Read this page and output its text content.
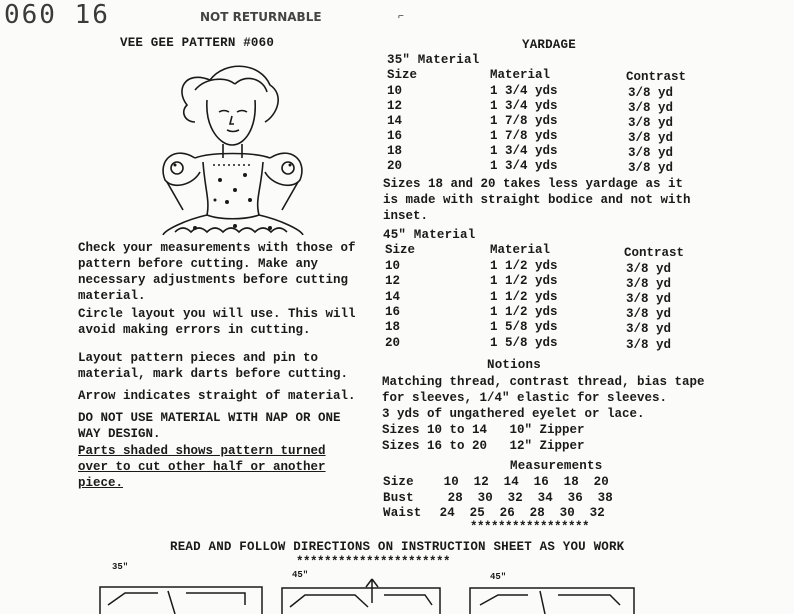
060 16	NOT RETURNABLE	⌐
VEE GEE PATTERN #060	YARDAGE
35" Material
Size	Material	Contrast
10	1 3/4 yds	3/8 yd
12	1 3/4 yds	3/8 yd
14	1 7/8 yds	3/8 yd
16	1 7/8 yds	3/8 yd
18	1 3/4 yds	3/8 yd
20	1 3/4 yds	3/8 yd
Sizes 18 and 20 takes less yardage as it
is made with straight bodice and not with
inset.
45" Material
Size	Material	Contrast
10	1 1/2 yds	3/8 yd
12	1 1/2 yds	3/8 yd
14	1 1/2 yds	3/8 yd
16	1 1/2 yds	3/8 yd
18	1 5/8 yds	3/8 yd
20	1 5/8 yds	3/8 yd
Notions
Matching thread, contrast thread, bias tape
for sleeves, 1/4" elastic for sleeves.
3 yds of ungathered eyelet or lace.
Sizes 10 to 14   10" Zipper
Sizes 16 to 20   12" Zipper
Measurements
Size 10 12 14 16 18 20
Bust	28 30 32 34 36 38
Waist 24 25 26 28 30 32
*****************
Check your measurements with those of pattern before cutting. Make any necessary adjustments before cutting material.
Circle layout you will use. This will avoid making errors in cutting.
Layout pattern pieces and pin to material, mark darts before cutting.
Arrow indicates straight of material.
DO NOT USE MATERIAL WITH NAP OR ONE WAY DESIGN.
Parts shaded shows pattern turned
over to cut other half or another
piece.
READ AND FOLLOW DIRECTIONS ON INSTRUCTION SHEET AS YOU WORK
**********************
35"
45"	45"
